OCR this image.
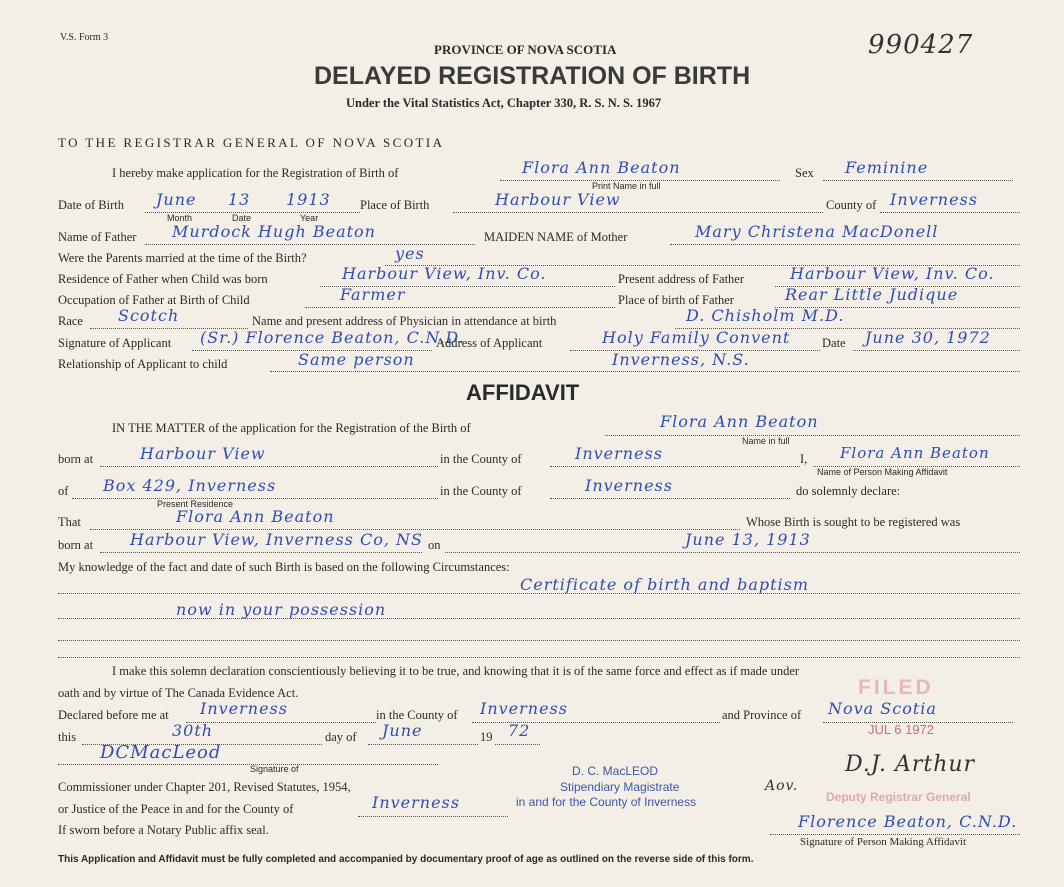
V.S. Form 3	990427
PROVINCE OF NOVA SCOTIA
DELAYED REGISTRATION OF BIRTH
Under the Vital Statistics Act, Chapter 330, R. S. N. S. 1967
TO THE REGISTRAR GENERAL OF NOVA SCOTIA
I hereby make application for the Registration of Birth of	Flora Ann Beaton	Sex Feminine
Print Name in full
Date of Birth June 13 1913 Place of Birth	Harbour View	County of Inverness
Month	Date	Year
Name of Father Murdock Hugh Beaton	MAIDEN NAME of Mother	Mary Christena MacDonell
Were the Parents married at the time of the Birth?	yes
Residence of Father when Child was born	Harbour View, Inv. Co.	Present address of Father	Harbour View, Inv. Co.
Occupation of Father at Birth of Child	Farmer	Place of birth of Father	Rear Little Judique
Race Scotch	Name and present address of Physician in attendance at birth	D. Chisholm M.D.
Signature of Applicant (Sr.) Florence Beaton, C.N.D.
Address of Applicant	Holy Family Convent	Date June 30, 1972
Relationship of Applicant to child	Same person	Inverness, N.S.
AFFIDAVIT
IN THE MATTER of the application for the Registration of the Birth of	Flora Ann Beaton
Name in full
born at	Harbour View	in the County of	Inverness	I, Flora Ann Beaton
Name of Person Making Affidavit
of Box 429, Inverness	in the County of	Inverness	do solemnly declare:
Present Residence
That	Flora Ann Beaton	Whose Birth is sought to be registered was
born at Harbour View, Inverness Co, NS on	June 13, 1913
My knowledge of the fact and date of such Birth is based on the following Circumstances:
Certificate of birth and baptism
now in your possession
I make this solemn declaration conscientiously believing it to be true, and knowing that it is of the same force and effect as if made under
oath and by virtue of The Canada Evidence Act.
Declared before me at Inverness	in the County of Inverness	and Province of Nova Scotia
this	30th	day of June	19 72
DCMacLeod
Signature of
Commissioner under Chapter 201, Revised Statutes, 1954,
or Justice of the Peace in and for the County of	Inverness
If sworn before a Notary Public affix seal.
D. C. MacLEOD
Stipendiary Magistrate
in and for the County of Inverness
FILED
JUL 6 1972
Aov.
D.J. Arthur
Deputy Registrar General
Florence Beaton, C.N.D.
Signature of Person Making Affidavit
This Application and Affidavit must be fully completed and accompanied by documentary proof of age as outlined on the reverse side of this form.
